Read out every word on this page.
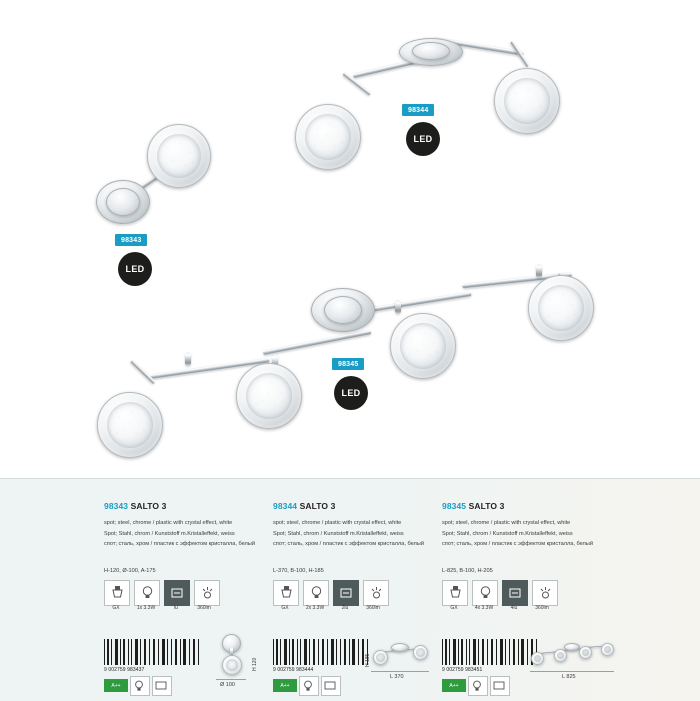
98344
LED
98343
LED
98345
LED
98343 SALTO 3
spot; steel, chrome / plastic with crystal effect, white
Spot; Stahl, chrom / Kunststoff m.Kristalleffekt, weiss
спот; сталь, хром / пластик с эффектом кристалла, белый
H-120, Ø-100, A-175
GX	1x 3.3W	lu	360lm
9 002759 983437
A++	Ø 100
H 120
98344 SALTO 3
spot; steel, chrome / plastic with crystal effect, white
Spot; Stahl, chrom / Kunststoff m.Kristalleffekt, weiss
спот; сталь, хром / пластик с эффектом кристалла, белый
L-370, B-100, H-185
GX	2x 3.3W	2lu	360lm
9 002759 983444
A++
L 370
H 185
98345 SALTO 3
spot; steel, chrome / plastic with crystal effect, white
Spot; Stahl, chrom / Kunststoff m.Kristalleffekt, weiss
спот; сталь, хром / пластик с эффектом кристалла, белый
L-825, B-100, H-205
GX	4x 3.3W	4lu	360lm
9 002759 983451
A++
L 825
